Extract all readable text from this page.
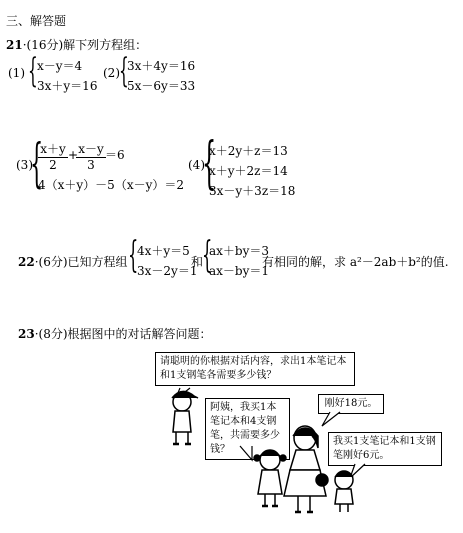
三、解答题
21·(16分)解下列方程组：
(1) { x－y＝4
3x＋y＝16
(2) {
3x＋4y＝16
5x－6y＝33
(3)
{
$\frac{x+y}{2}$ +
$\frac{x-y}{3} =6$
4（x＋y）－5（x－y）＝2
(4)
{
x＋2y＋z＝13
x＋y＋2z＝14
3x－y＋3z＝18
22·(6分)已知方程组 {
4x＋y＝5
3x－2y＝1
和
{
ax＋by＝3
ax－by＝1
有相同的解，求 a²－2ab＋b²的值.
23·(8分)根据图中的对话解答问题：
请聪明的你根据对话内容，求出1本笔记本和1支钢笔各需要多少钱？
阿姨，我买1本笔记本和4支钢笔，共需要多少钱？
刚好18元。
我买1支笔记本和1支钢笔刚好6元。
